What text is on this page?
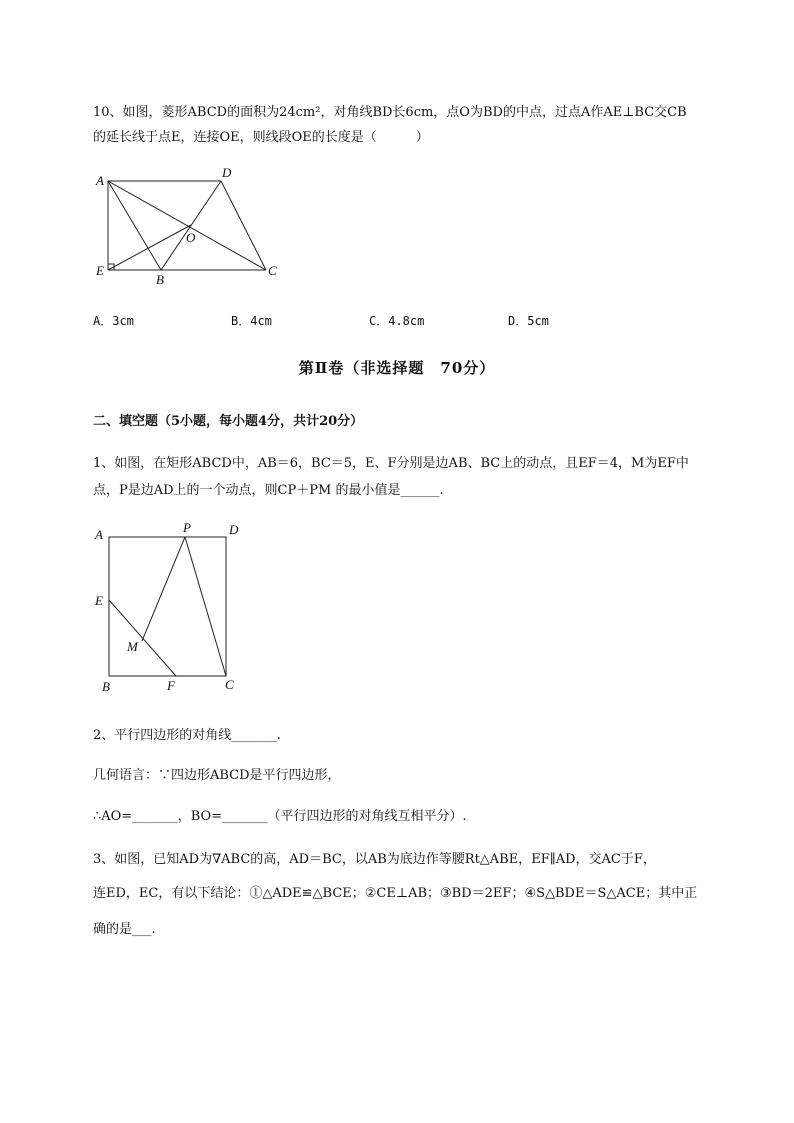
10、如图，菱形ABCD的面积为24cm²，对角线BD长6cm，点O为BD的中点，过点A作AE⊥BC交CB
的延长线于点E，连接OE，则线段OE的长度是（　　　）
A
D
O
E
B
C
A．3cm	B．4cm	C．4.8cm	D．5cm
第Ⅱ卷（非选择题　70分）
二、填空题（5小题，每小题4分，共计20分）
1、如图，在矩形ABCD中，AB＝6，BC＝5，E、F分别是边AB、BC上的动点，且EF＝4，M为EF中
点，P是边AD上的一个动点，则CP＋PM 的最小值是______.
A	P	D
E
M
B	F	C
2、平行四边形的对角线_______.
几何语言：∵四边形ABCD是平行四边形，
∴AO=_______，BO=_______（平行四边形的对角线互相平分）.
3、如图，已知AD为∇ABC的高，AD＝BC，以AB为底边作等腰Rt△ABE，EF∥AD，交AC于F，
连ED，EC，有以下结论：①△ADE≌△BCE；②CE⊥AB；③BD＝2EF；④S△BDE＝S△ACE；其中正
确的是___.
